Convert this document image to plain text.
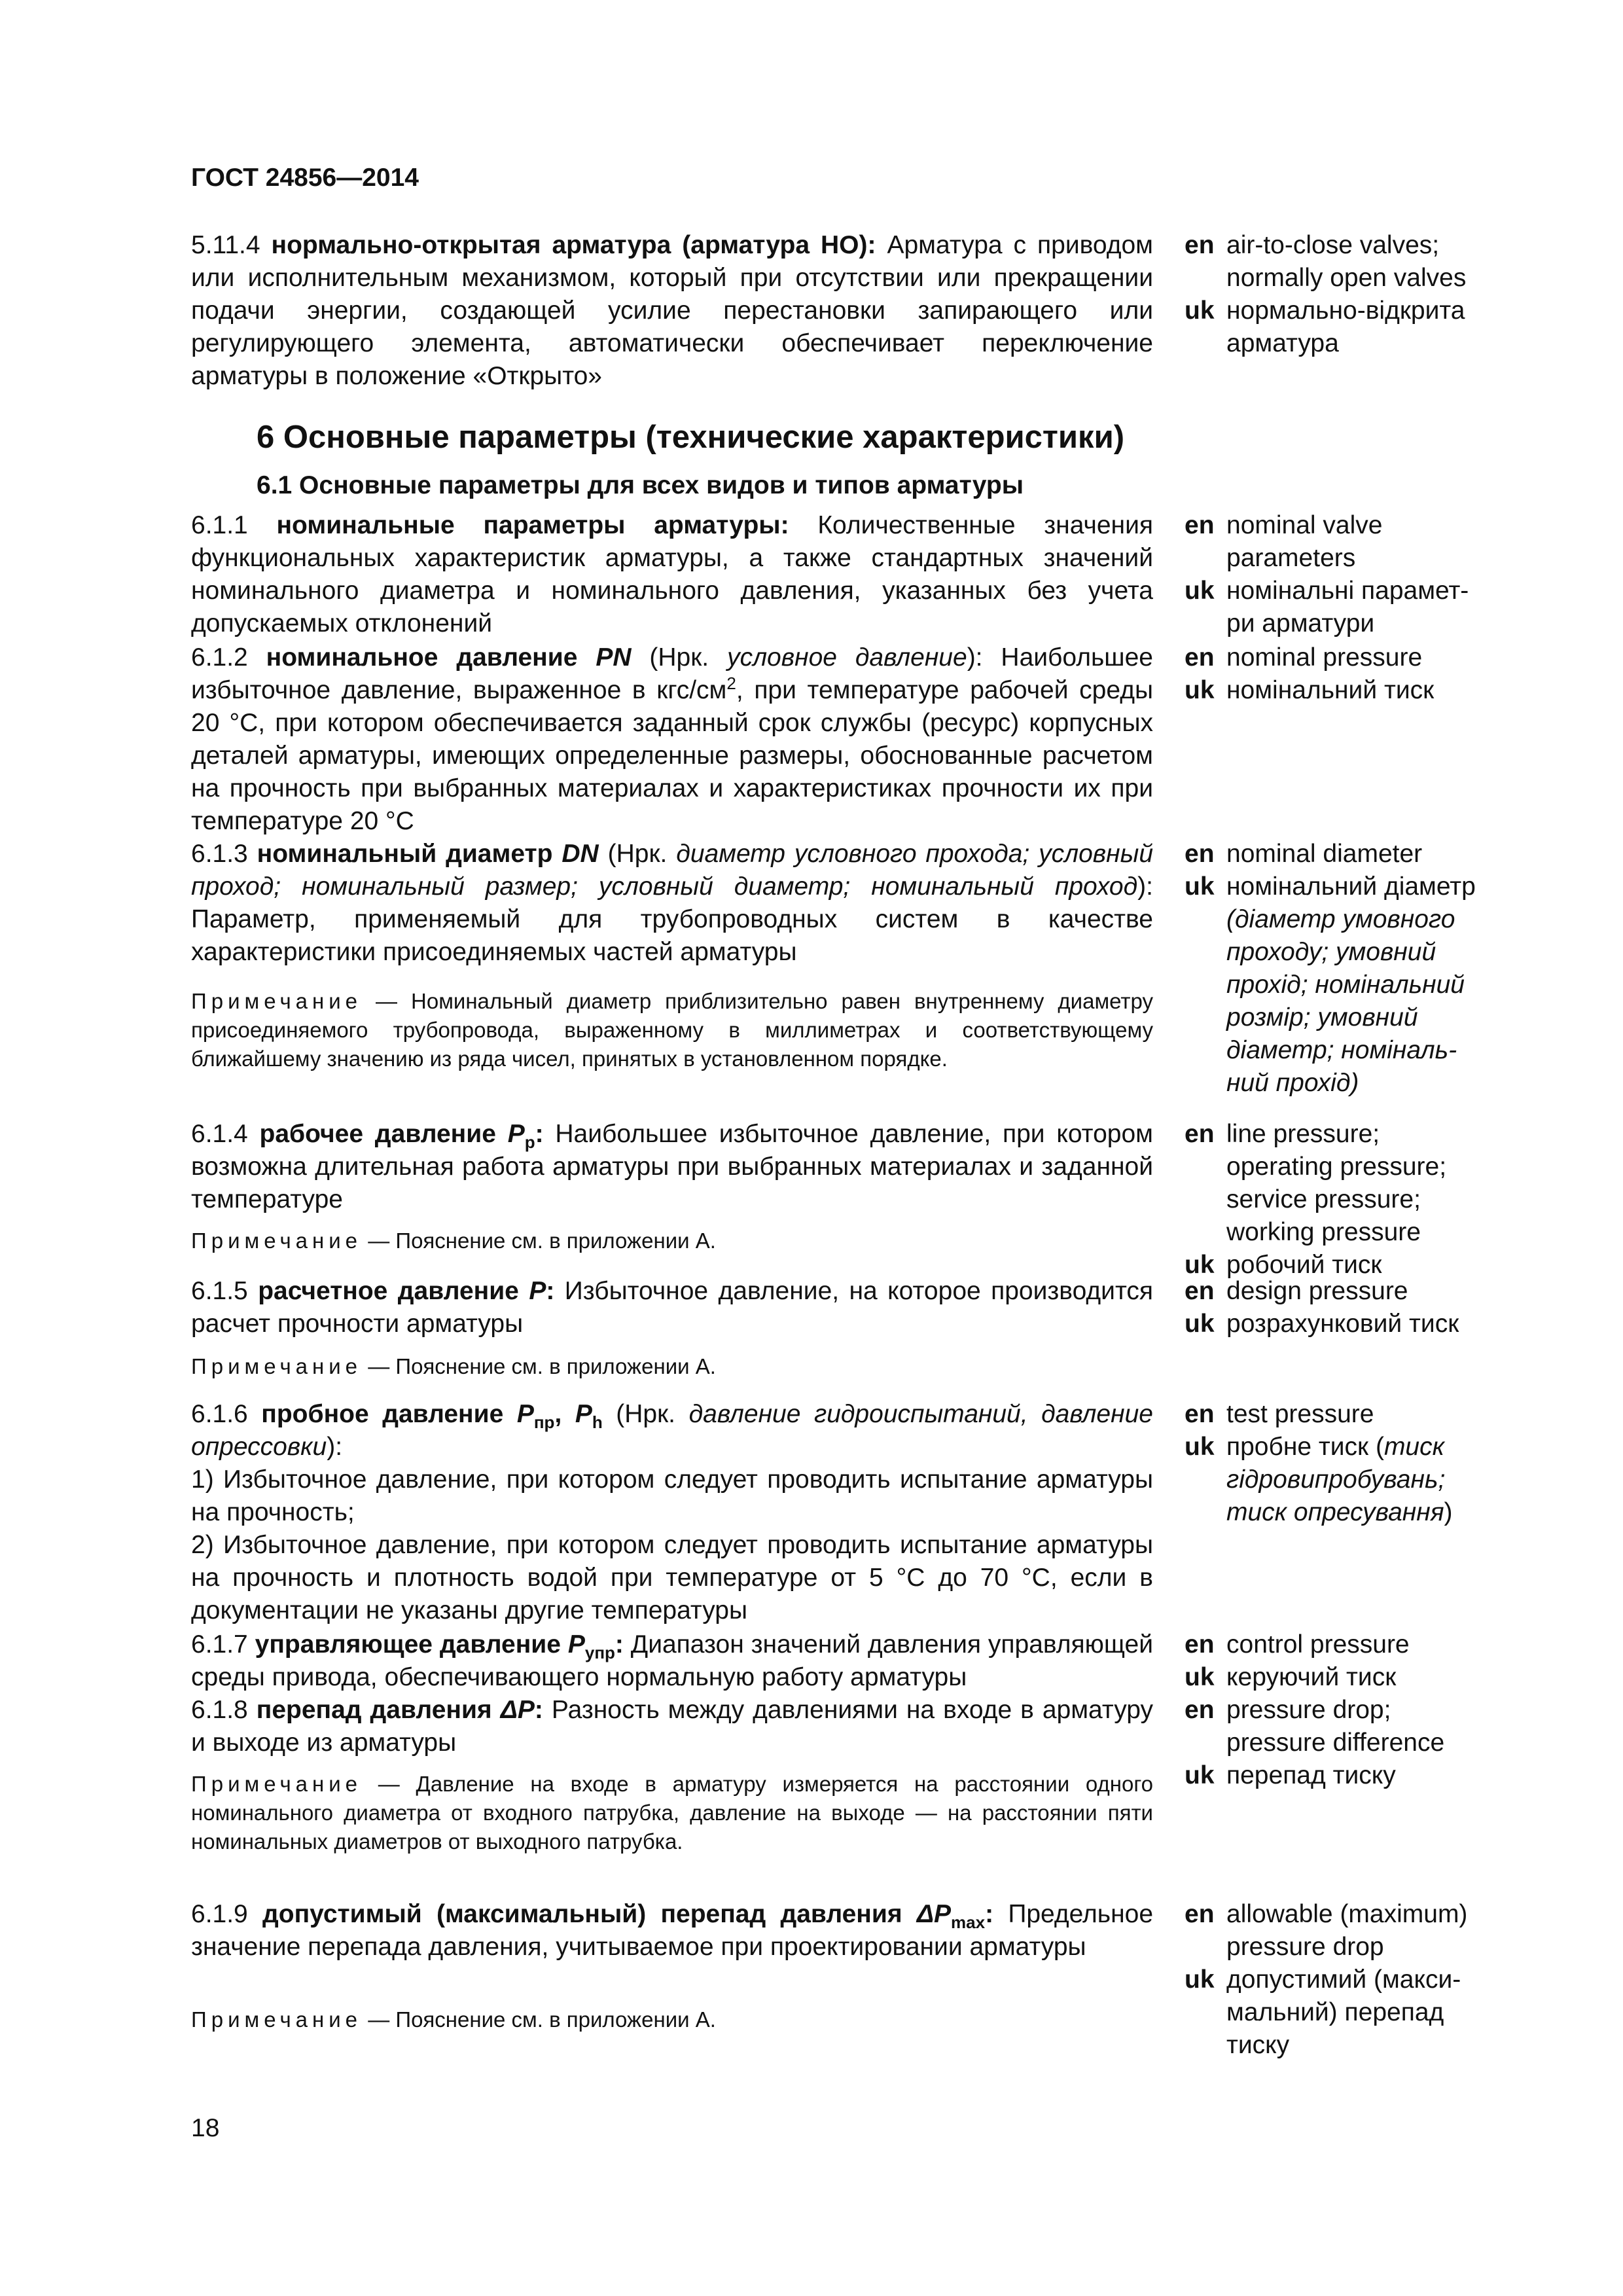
ГОСТ 24856—2014
5.11.4 нормально-открытая арматура (арматура НО): Арматура с приводом или исполнительным механизмом, который при отсутствии или прекращении подачи энергии, создающей усилие перестановки запирающего или регулирующего элемента, автоматически обеспечивает переключение арматуры в положение «Открыто»
en air-to-close valves;
normally open valves
uk нормально-відкрита
арматура
6 Основные параметры (технические характеристики)
6.1 Основные параметры для всех видов и типов арматуры
6.1.1 номинальные параметры арматуры: Количественные значения функциональных характеристик арматуры, а также стандартных значений номинального диаметра и номинального давления, указанных без учета допускаемых отклонений
en nominal valve
parameters
uk номінальні парамет-
ри арматури
6.1.2 номинальное давление PN (Нрк. условное давление): Наибольшее избыточное давление, выраженное в кгс/$см^2$, при температуре рабочей среды 20 °С, при котором обеспечивается заданный срок службы (ресурс) корпусных деталей арматуры, имеющих определенные размеры, обоснованные расчетом на прочность при выбранных материалах и характеристиках прочности их при температуре 20 °С
en nominal pressure
uk номінальний тиск
6.1.3 номинальный диаметр DN (Нрк. диаметр условного прохода; условный проход; номинальный размер; условный диаметр; номинальный проход): Параметр, применяемый для трубопроводных систем в качестве характеристики присоединяемых частей арматуры
Примечание — Номинальный диаметр приблизительно равен внутреннему диаметру присоединяемого трубопровода, выраженному в миллиметрах и соответствующему ближайшему значению из ряда чисел, принятых в установленном порядке.
en nominal diameter
uk номінальний діаметр
(діаметр умовного
проходу; умовний
прохід; номінальний
розмір; умовний
діаметр; номіналь-
ний прохід)
6.1.4 рабочее давление $P_р$: Наибольшее избыточное давление, при котором возможна длительная работа арматуры при выбранных материалах и заданной температуре
Примечание — Пояснение см. в приложении А.
en line pressure;
operating pressure;
service pressure;
working pressure
uk робочий тиск
6.1.5 расчетное давление P: Избыточное давление, на которое производится расчет прочности арматуры
Примечание — Пояснение см. в приложении А.
en design pressure
uk розрахунковий тиск
6.1.6 пробное давление $P_{пр}$, $P_h$ (Нрк. давление гидроиспытаний, давление опрессовки):
1) Избыточное давление, при котором следует проводить испытание арматуры на прочность;
2) Избыточное давление, при котором следует проводить испытание арматуры на прочность и плотность водой при температуре от 5 °С до 70 °С, если в документации не указаны другие температуры
en test pressure
uk пробне тиск (тиск
гідровипробувань;
тиск опресування)
6.1.7 управляющее давление $P_{упр}$: Диапазон значений давления управляющей среды привода, обеспечивающего нормальную работу арматуры
en control pressure
uk керуючий тиск
6.1.8 перепад давления ΔP: Разность между давлениями на входе в арматуру и выходе из арматуры
Примечание — Давление на входе в арматуру измеряется на расстоянии одного номинального диаметра от входного патрубка, давление на выходе — на расстоянии пяти номинальных диаметров от выходного патрубка.
en pressure drop;
pressure difference
uk перепад тиску
6.1.9 допустимый (максимальный) перепад давления $\Delta P_{max}$: Предельное значение перепада давления, учитываемое при проектировании арматуры
Примечание — Пояснение см. в приложении А.
en allowable (maximum)
pressure drop
uk допустимий (макси-
мальний) перепад
тиску
18
